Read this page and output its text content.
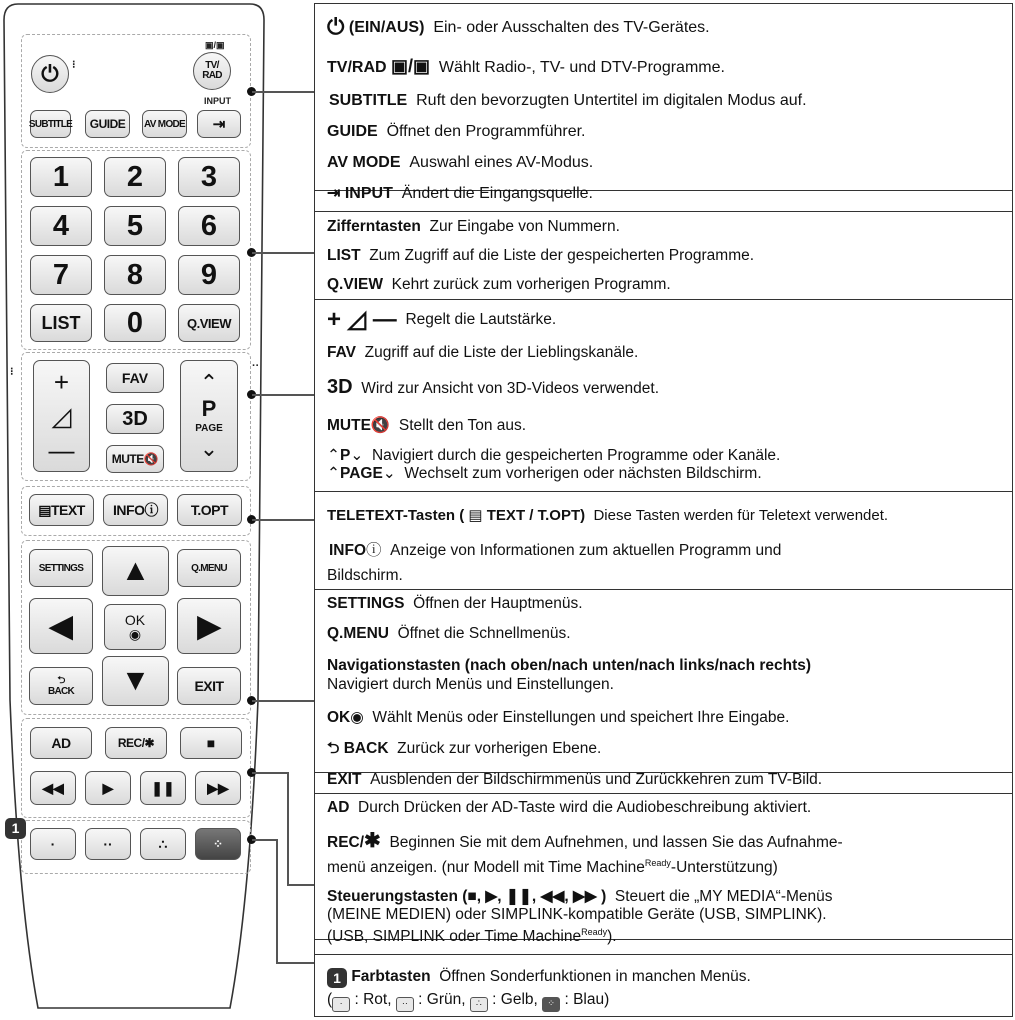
⏻ ⁝
▣/▣
TV/
RAD
SUBTITLE	GUIDE	AV MODE
INPUT
⇥
1	2	3
4	5	6
7	8	9
LIST	0	Q.VIEW
⁝	··
+
◿
—
FAV
3D
MUTE 🔇
⌃
P
PAGE
⌄
▤ TEXT INFO ⓘ	T.OPT
SETTINGS	Q.MENU
▲
◀	OK
◉ ▶
▼
⮌
BACK	EXIT
AD	REC/✱	■
◀◀	▶	❚❚ ▶▶
1
·	··	∴	⁘
⏻ (EIN/AUS) Ein- oder Ausschalten des TV-Gerätes.
TV/RAD ▣/▣ Wählt Radio-, TV- und DTV-Programme.
SUBTITLE Ruft den bevorzugten Untertitel im digitalen Modus auf.
GUIDE Öffnet den Programmführer.
AV MODE Auswahl eines AV-Modus.
⇥ INPUT Ändert die Eingangsquelle.
Zifferntasten Zur Eingabe von Nummern.
LIST Zum Zugriff auf die Liste der gespeicherten Programme.
Q.VIEW Kehrt zurück zum vorherigen Programm.
+ ◿ — Regelt die Lautstärke.
FAV Zugriff auf die Liste der Lieblingskanäle.
3D Wird zur Ansicht von 3D-Videos verwendet.
MUTE🔇 Stellt den Ton aus.
⌃P⌄ Navigiert durch die gespeicherten Programme oder Kanäle.
⌃PAGE⌄ Wechselt zum vorherigen oder nächsten Bildschirm.
TELETEXT-Tasten ( ▤ TEXT / T.OPT) Diese Tasten werden für Teletext verwendet.
INFOⓘ Anzeige von Informationen zum aktuellen Programm und
Bildschirm.
SETTINGS Öffnen der Hauptmenüs.
Q.MENU Öffnet die Schnellmenüs.
Navigationstasten (nach oben/nach unten/nach links/nach rechts)
Navigiert durch Menüs und Einstellungen.
OK◉ Wählt Menüs oder Einstellungen und speichert Ihre Eingabe.
⮌ BACK Zurück zur vorherigen Ebene.
EXIT Ausblenden der Bildschirmmenüs und Zurückkehren zum TV-Bild.
AD Durch Drücken der AD-Taste wird die Audiobeschreibung aktiviert.
REC/✱ Beginnen Sie mit dem Aufnehmen, und lassen Sie das Aufnahme-
menü anzeigen. (nur Modell mit Time Machine$^{Ready}$-Unterstützung)
Steuerungstasten (■, ▶, ❚❚, ◀◀, ▶▶ ) Steuert die „MY MEDIA“-Menüs
(MEINE MEDIEN) oder SIMPLINK-kompatible Geräte (USB, SIMPLINK).
(USB, SIMPLINK oder Time Machine$^{Ready}$).
1 Farbtasten Öffnen Sonderfunktionen in manchen Menüs.
( · : Rot, ·· : Grün, ∴ : Gelb, ⁘ : Blau)
